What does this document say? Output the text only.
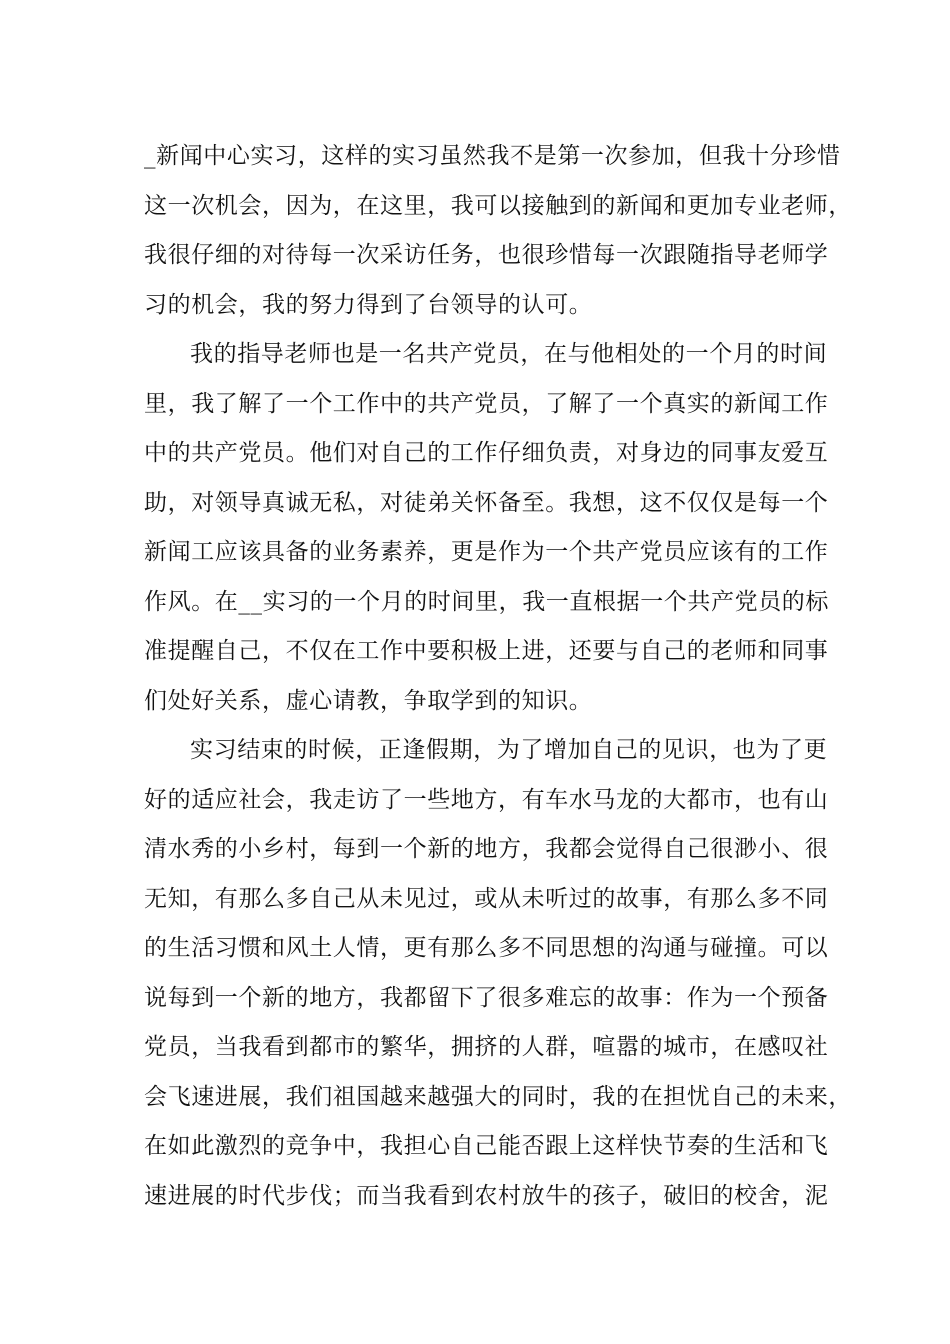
_新闻中心实习，这样的实习虽然我不是第一次参加，但我十分珍惜
这一次机会，因为，在这里，我可以接触到的新闻和更加专业老师，
我很仔细的对待每一次采访任务，也很珍惜每一次跟随指导老师学
习的机会，我的努力得到了台领导的认可。
我的指导老师也是一名共产党员，在与他相处的一个月的时间
里，我了解了一个工作中的共产党员，了解了一个真实的新闻工作
中的共产党员。他们对自己的工作仔细负责，对身边的同事友爱互
助，对领导真诚无私，对徒弟关怀备至。我想，这不仅仅是每一个
新闻工应该具备的业务素养，更是作为一个共产党员应该有的工作
作风。在__实习的一个月的时间里，我一直根据一个共产党员的标
准提醒自己，不仅在工作中要积极上进，还要与自己的老师和同事
们处好关系，虚心请教，争取学到的知识。
实习结束的时候，正逢假期，为了增加自己的见识，也为了更
好的适应社会，我走访了一些地方，有车水马龙的大都市，也有山
清水秀的小乡村，每到一个新的地方，我都会觉得自己很渺小、很
无知，有那么多自己从未见过，或从未听过的故事，有那么多不同
的生活习惯和风土人情，更有那么多不同思想的沟通与碰撞。可以
说每到一个新的地方，我都留下了很多难忘的故事：作为一个预备
党员，当我看到都市的繁华，拥挤的人群，喧嚣的城市，在感叹社
会飞速进展，我们祖国越来越强大的同时，我的在担忧自己的未来，
在如此激烈的竞争中，我担心自己能否跟上这样快节奏的生活和飞
速进展的时代步伐；而当我看到农村放牛的孩子，破旧的校舍，泥
